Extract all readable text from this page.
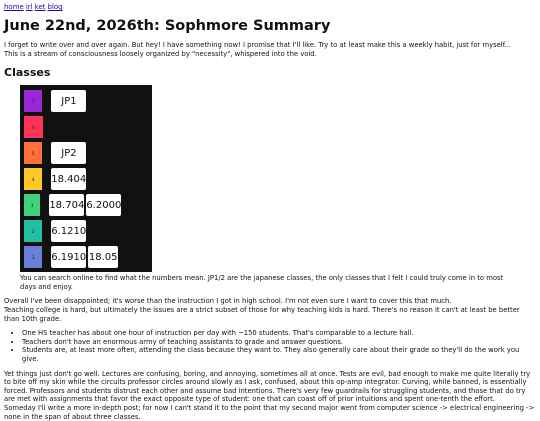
home irl ket blog
June 22nd, 2026th: Sophmore Summary

I forget to write over and over again. But hey! I have something now! I promise that I'll like. Try to at least make this a weekly habit, just for myself...

This is a stream of consciousness loosely organized by "necessity", whispered into the void.

Classes
7	JP1
6
5	JP2
4	18.404
3	18.704 6.2000
2	6.1210
1	6.1910 18.05

You can search online to find what the numbers mean. JP1/2 are the japanese classes, the only classes that I felt I could truly come in to most days and enjoy.

Overall I've been disappointed; it's worse than the instruction I got in high school. I'm not even sure I want to cover this that much.

Teaching college is hard, but ultimately the issues are a strict subset of those for why teaching kids is hard. There's no reason it can't at least be better than 10th grade.

• One HS teacher has about one hour of instruction per day with ~150 students. That's comparable to a lecture hall.
• Teachers don't have an enormous army of teaching assistants to grade and answer questions.
• Students are, at least more often, attending the class because they want to. They also generally care about their grade so they'll do the work you give.

Yet things just don't go well. Lectures are confusing, boring, and annoying, sometimes all at once. Tests are evil, bad enough to make me quite literally try to bite off my skin while the circuits professor circles around slowly as I ask, confused, about this op-amp integrator. Curving, while banned, is essentially forced. Professors and students distrust each other and assume bad intentions. There's very few guardrails for struggling students, and those that do try are met with assignments that favor the exact opposite type of student: one that can coast off of prior intuitions and spent one-tenth the effort.

Someday I'll write a more in-depth post; for now I can't stand it to the point that my second major went from computer science -> electrical engineering -> none in the span of about three classes.
